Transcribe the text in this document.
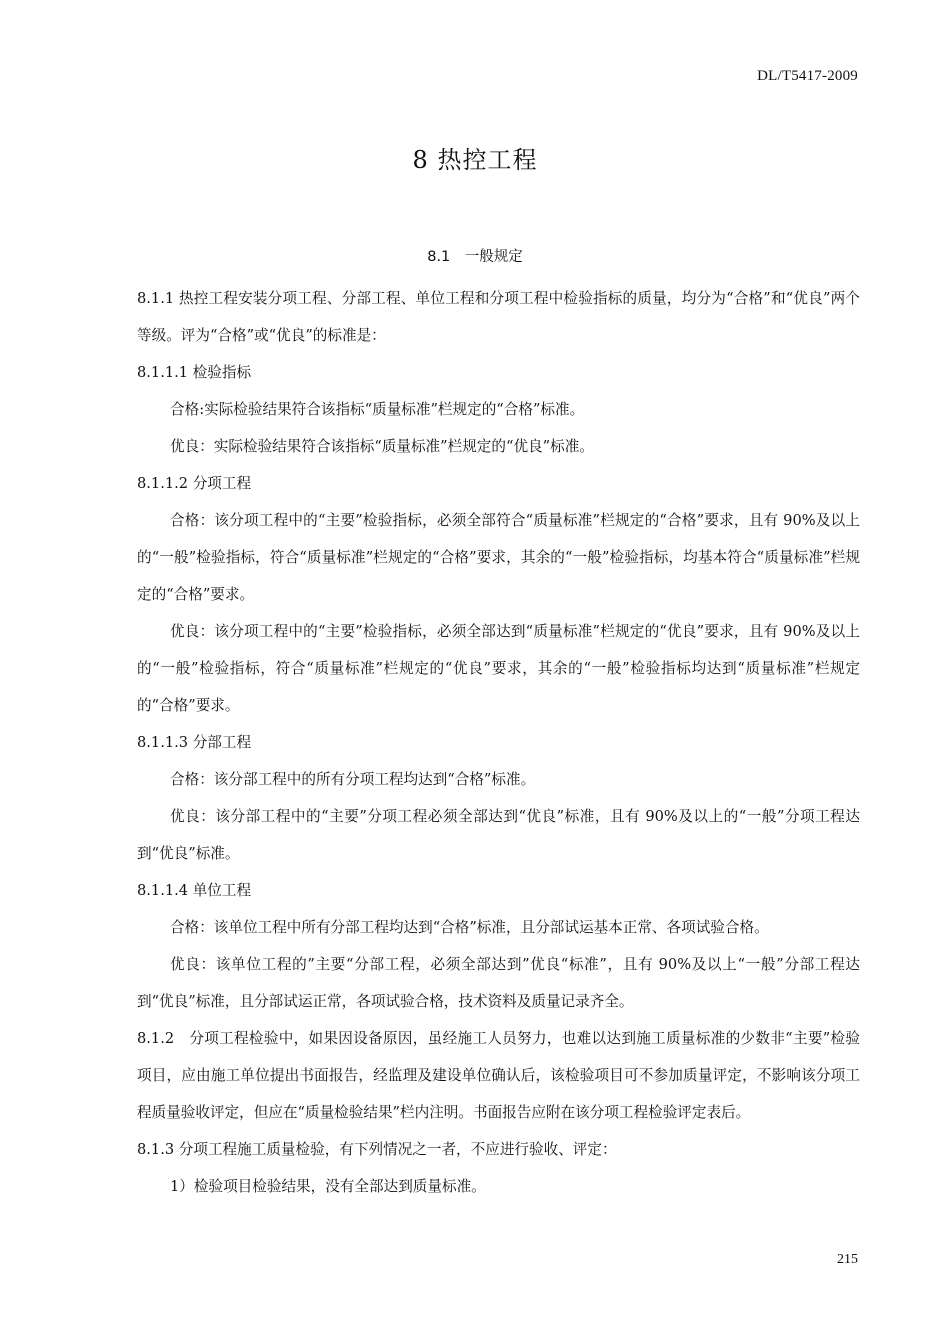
DL/T5417-2009
8 热控工程
8.1　一般规定

8.1.1 热控工程安装分项工程、分部工程、单位工程和分项工程中检验指标的质量，均分为“合格”和“优良”两个等级。评为“合格”或“优良”的标准是：

8.1.1.1 检验指标

合格:实际检验结果符合该指标“质量标准”栏规定的“合格”标准。

优良：实际检验结果符合该指标“质量标准”栏规定的“优良”标准。

8.1.1.2 分项工程

合格：该分项工程中的“主要”检验指标，必须全部符合“质量标准”栏规定的“合格”要求，且有 90%及以上的“一般”检验指标，符合“质量标准”栏规定的“合格”要求，其余的“一般”检验指标，均基本符合“质量标准”栏规定的“合格”要求。

优良：该分项工程中的“主要”检验指标，必须全部达到“质量标准”栏规定的“优良”要求，且有 90%及以上的“一般”检验指标，符合“质量标准”栏规定的“优良”要求，其余的“一般”检验指标均达到“质量标准”栏规定的“合格”要求。

8.1.1.3 分部工程

合格：该分部工程中的所有分项工程均达到“合格”标准。

优良：该分部工程中的“主要”分项工程必须全部达到“优良”标准，且有 90%及以上的“一般”分项工程达到“优良”标准。

8.1.1.4 单位工程

合格：该单位工程中所有分部工程均达到“合格”标准，且分部试运基本正常、各项试验合格。

优良：该单位工程的”主要“分部工程，必须全部达到”优良“标准”，且有 90%及以上“一般”分部工程达到“优良”标准，且分部试运正常，各项试验合格，技术资料及质量记录齐全。

8.1.2　分项工程检验中，如果因设备原因，虽经施工人员努力，也难以达到施工质量标准的少数非“主要”检验项目，应由施工单位提出书面报告，经监理及建设单位确认后，该检验项目可不参加质量评定，不影响该分项工程质量验收评定，但应在“质量检验结果”栏内注明。书面报告应附在该分项工程检验评定表后。

8.1.3 分项工程施工质量检验，有下列情况之一者，不应进行验收、评定：

1）检验项目检验结果，没有全部达到质量标准。

215
